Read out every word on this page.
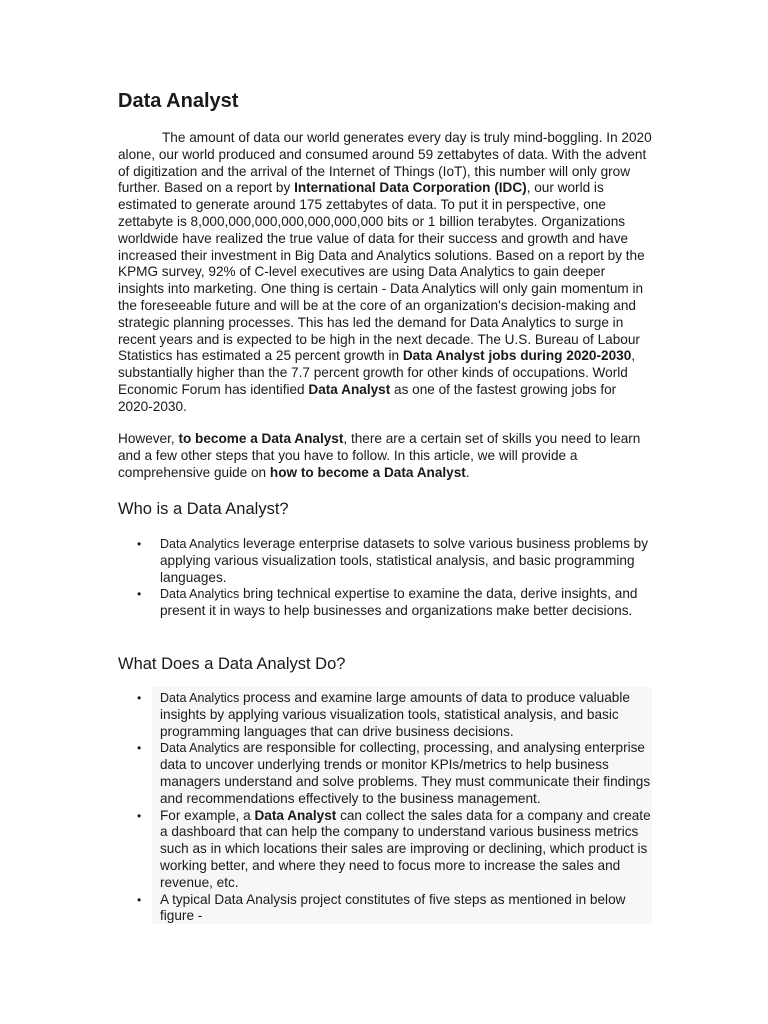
Data Analyst

The amount of data our world generates every day is truly mind-boggling. In 2020 alone, our world produced and consumed around 59 zettabytes of data. With the advent of digitization and the arrival of the Internet of Things (IoT), this number will only grow further. Based on a report by International Data Corporation (IDC), our world is estimated to generate around 175 zettabytes of data. To put it in perspective, one zettabyte is 8,000,000,000,000,000,000,000 bits or 1 billion terabytes. Organizations worldwide have realized the true value of data for their success and growth and have increased their investment in Big Data and Analytics solutions. Based on a report by the KPMG survey, 92% of C-level executives are using Data Analytics to gain deeper insights into marketing. One thing is certain - Data Analytics will only gain momentum in the foreseeable future and will be at the core of an organization's decision-making and strategic planning processes. This has led the demand for Data Analytics to surge in recent years and is expected to be high in the next decade. The U.S. Bureau of Labour Statistics has estimated a 25 percent growth in Data Analyst jobs during 2020-2030, substantially higher than the 7.7 percent growth for other kinds of occupations. World Economic Forum has identified Data Analyst as one of the fastest growing jobs for 2020-2030.

However, to become a Data Analyst, there are a certain set of skills you need to learn and a few other steps that you have to follow. In this article, we will provide a comprehensive guide on how to become a Data Analyst.

Who is a Data Analyst?
• Data Analytics leverage enterprise datasets to solve various business problems by applying various visualization tools, statistical analysis, and basic programming languages.
• Data Analytics bring technical expertise to examine the data, derive insights, and present it in ways to help businesses and organizations make better decisions.
What Does a Data Analyst Do?
• Data Analytics process and examine large amounts of data to produce valuable insights by applying various visualization tools, statistical analysis, and basic programming languages that can drive business decisions.
• Data Analytics are responsible for collecting, processing, and analysing enterprise data to uncover underlying trends or monitor KPIs/metrics to help business managers understand and solve problems. They must communicate their findings and recommendations effectively to the business management.
• For example, a Data Analyst can collect the sales data for a company and create a dashboard that can help the company to understand various business metrics such as in which locations their sales are improving or declining, which product is working better, and where they need to focus more to increase the sales and revenue, etc.
• A typical Data Analysis project constitutes of five steps as mentioned in below figure -
